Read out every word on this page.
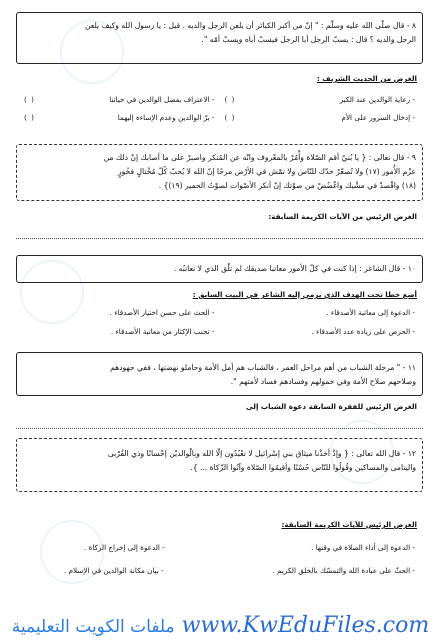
٨ - قال صلّى الله عليه وسلّم : " إنّ من أكبر الكبائر أن يلعن الرجل والديه . قيل : يا رسول الله وكيف يلعن

الرجل والديه ؟ قال : يسبّ الرجل أبا الرجل فيسبّ أباه ويسبّ أمّه ".

الغرض من الحديث الشريف :
- رعاية الوالدين عند الكبر
( )
- الاعتراف بفضل الوالدين في حياتنا
( )
- إدخال السرور على الأم
( )
- برّ الوالدين وعدم الإساءة إليهما
( )

٩ - قال تعالى : { يا بُنيّ أقم الصّلاة وأْمُرْ بالمعْروف وانْه عن المُنكر واصبرْ على ما أصابك إنّ ذلك من

عزْم الأُمور (١٧) ولا تُصعّرْ خدّك للنّاس ولا تمْش في الأرْض مرحًا إنّ الله لا يُحبّ كُلّ مُخْتالٍ فخُورٍ

(١٨) واقْصدْ في مشْيك واغْضُضْ من صوْتك إنّ أنكر الأصْوات لصوْتُ الحمير (١٩)} .

الغرض الرئيس من الآيات الكريمة السابقة:

١٠ - قال الشاعر : إذا كنت في كلّ الأمور معاتبا صديقك لم تلْق الذي لا تعاتبُه .

أضع خطا تحت الهدف الذي يرمي إليه الشاعر في البيت السابق :
- الدعوة إلى معاتبة الأصدقاء .
- الحث على حسن اختيار الأصدقاء .
- الحرص على زيادة عدد الأصدقاء .
- تجنب الإكثار من معاتبة الأصدقاء .

١١ - " مرحلة الشباب من أهم مراحل العمر ، فالشباب هم أمل الأمة وحاملو نهضتها ، ففي جهودهم

وصلاحهم صلاح الأمة وفي خمولهم وفسادهم فساد لأمتهم ".

الغرض الرئيس للفقرة السابقة دعوة الشباب إلى

١٢ - قال الله تعالى : { وإذْ أخذْنا ميثاق بني إسْرائيل لا تعْبُدُون إلّا الله وبالْوالديْن إحْسانًا وذي القُرْبى

واليتامى والمساكين وقُولُوا للنّاس حُسْنًا وأقيمُوا الصّلاة وآتُوا الزّكاة ... }.

الغرض الرئيس للآيات الكريمة السابقة:
- الدعوة إلى أداء الصلاة في وقتها .
- الدعوة إلى إخراج الزكاة .
- الحثّ على عبادة الله والتمسّك بالخلق الكريم .
- بيان مكانة الوالدين في الإسلام .
ملفات الكويت التعليمية www.KwEduFiles.com
